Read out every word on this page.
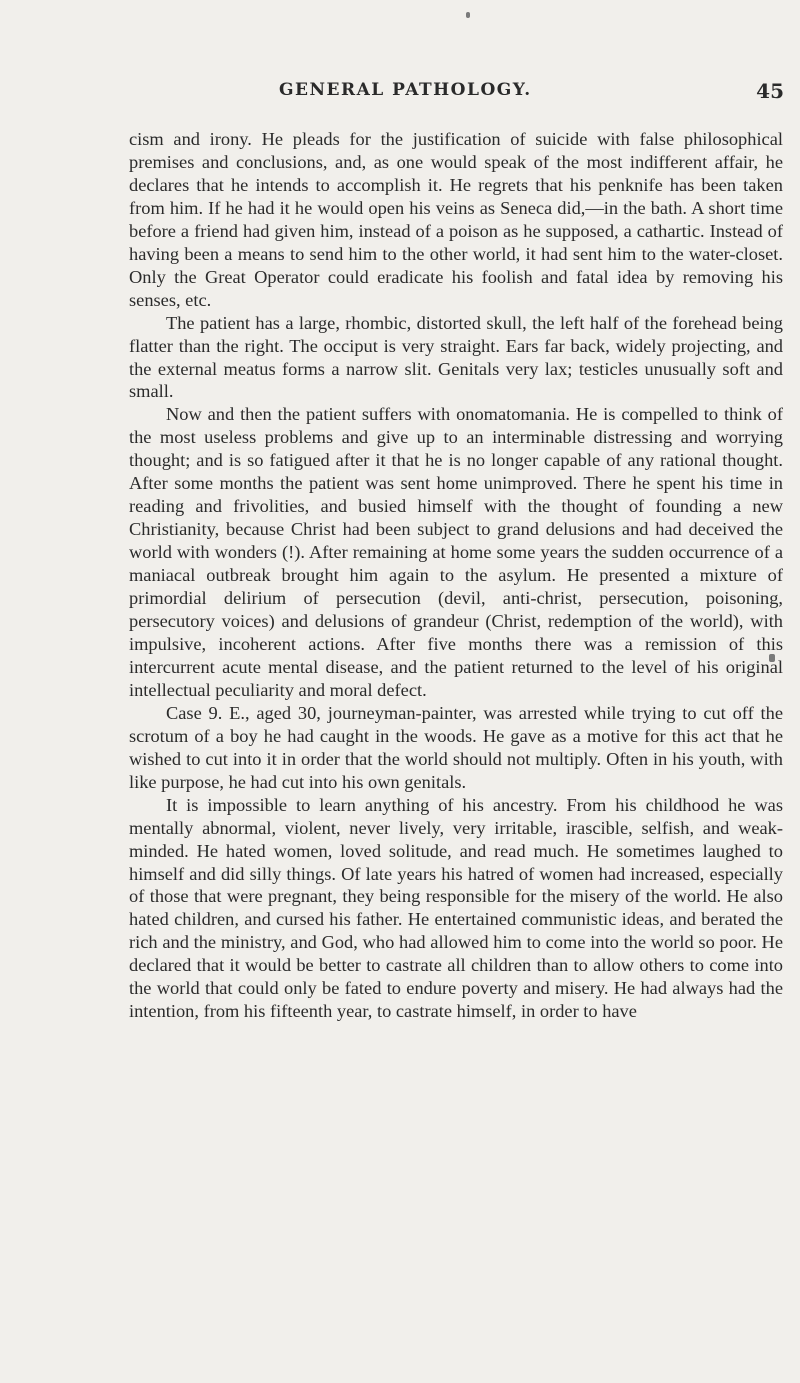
GENERAL PATHOLOGY.	45

cism and irony. He pleads for the justification of suicide with false philosophical premises and conclusions, and, as one would speak of the most indifferent affair, he declares that he intends to accomplish it. He regrets that his penknife has been taken from him. If he had it he would open his veins as Seneca did,—in the bath. A short time before a friend had given him, instead of a poison as he supposed, a cathartic. Instead of having been a means to send him to the other world, it had sent him to the water-closet. Only the Great Operator could eradicate his foolish and fatal idea by removing his senses, etc.

The patient has a large, rhombic, distorted skull, the left half of the forehead being flatter than the right. The occiput is very straight. Ears far back, widely projecting, and the external meatus forms a narrow slit. Genitals very lax; testicles unusually soft and small.

Now and then the patient suffers with onomatomania. He is compelled to think of the most useless problems and give up to an interminable distressing and worrying thought; and is so fatigued after it that he is no longer capable of any rational thought. After some months the patient was sent home unimproved. There he spent his time in reading and frivolities, and busied himself with the thought of founding a new Christianity, because Christ had been subject to grand delusions and had deceived the world with wonders (!). After remaining at home some years the sudden occurrence of a maniacal outbreak brought him again to the asylum. He presented a mixture of primordial delirium of persecution (devil, anti-christ, persecution, poisoning, persecutory voices) and delusions of grandeur (Christ, redemption of the world), with impulsive, incoherent actions. After five months there was a remission of this intercurrent acute mental disease, and the patient returned to the level of his original intellectual peculiarity and moral defect.

Case 9. E., aged 30, journeyman-painter, was arrested while trying to cut off the scrotum of a boy he had caught in the woods. He gave as a motive for this act that he wished to cut into it in order that the world should not multiply. Often in his youth, with like purpose, he had cut into his own genitals.

It is impossible to learn anything of his ancestry. From his childhood he was mentally abnormal, violent, never lively, very irritable, irascible, selfish, and weak-minded. He hated women, loved solitude, and read much. He sometimes laughed to himself and did silly things. Of late years his hatred of women had increased, especially of those that were pregnant, they being responsible for the misery of the world. He also hated children, and cursed his father. He entertained communistic ideas, and berated the rich and the ministry, and God, who had allowed him to come into the world so poor. He declared that it would be better to castrate all children than to allow others to come into the world that could only be fated to endure poverty and misery. He had always had the intention, from his fifteenth year, to castrate himself, in order to have
